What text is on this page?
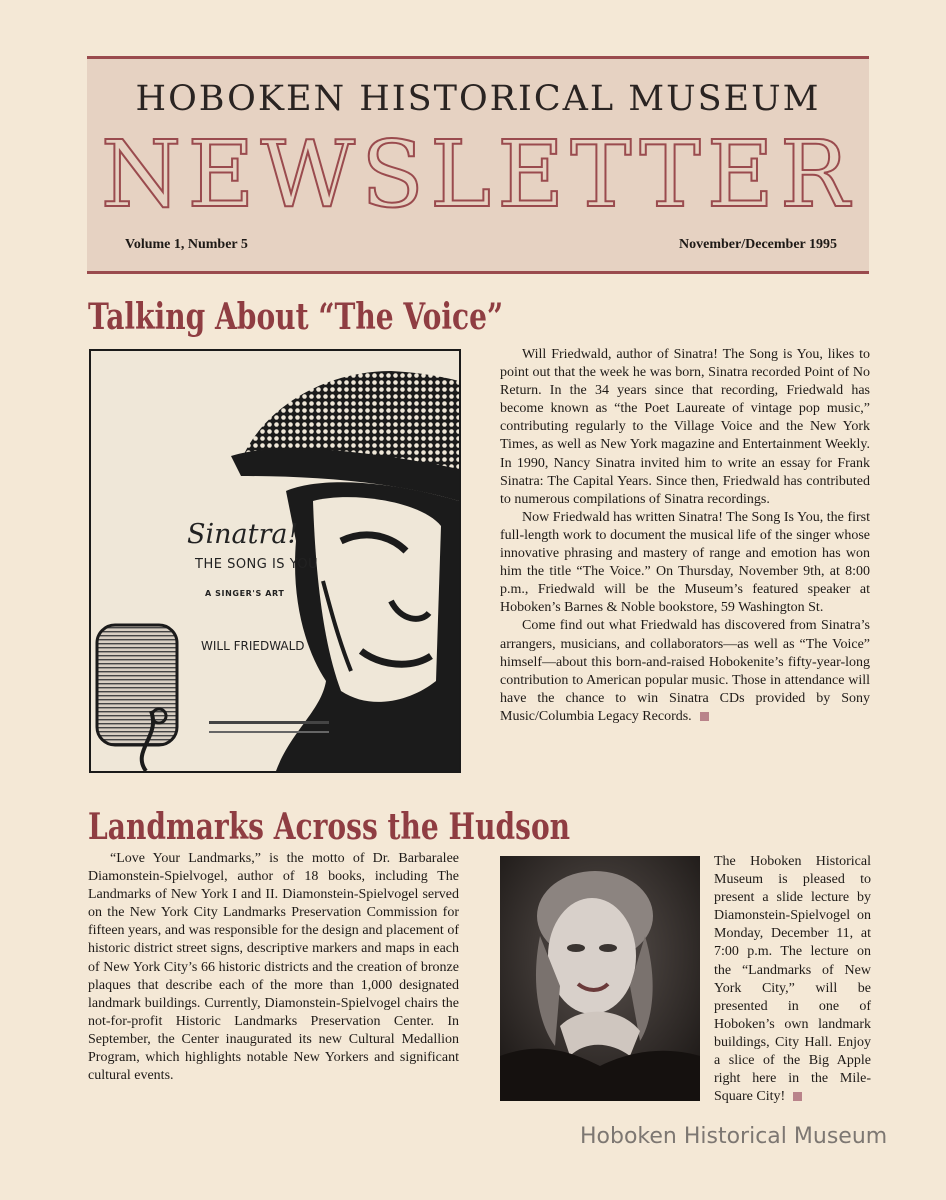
HOBOKEN HISTORICAL MUSEUM
NEWSLETTER
Volume 1, Number 5	November/December 1995
Talking About “The Voice”
Sinatra!
THE SONG IS YOU
A SINGER'S ART
WILL FRIEDWALD

Will Friedwald, author of Sinatra! The Song is You, likes to point out that the week he was born, Sinatra recorded Point of No Return. In the 34 years since that recording, Friedwald has become known as “the Poet Laureate of vintage pop music,” contributing regularly to the Village Voice and the New York Times, as well as New York magazine and Entertainment Weekly. In 1990, Nancy Sinatra invited him to write an essay for Frank Sinatra: The Capital Years. Since then, Friedwald has contributed to numerous compilations of Sinatra recordings.

Now Friedwald has written Sinatra! The Song Is You, the first full-length work to document the musical life of the singer whose innovative phrasing and mastery of range and emotion has won him the title “The Voice.” On Thursday, November 9th, at 8:00 p.m., Friedwald will be the Museum’s featured speaker at Hoboken’s Barnes & Noble bookstore, 59 Washington St.

Come find out what Friedwald has discovered from Sinatra’s arrangers, musicians, and collaborators—as well as “The Voice” himself—about this born-and-raised Hobokenite’s fifty-year-long contribution to American popular music. Those in attendance will have the chance to win Sinatra CDs provided by Sony Music/Columbia Legacy Records.

Landmarks Across the Hudson

“Love Your Landmarks,” is the motto of Dr. Barbaralee Diamonstein-Spielvogel, author of 18 books, including The Landmarks of New York I and II. Diamonstein-Spielvogel served on the New York City Landmarks Preservation Commission for fifteen years, and was responsible for the design and placement of historic district street signs, descriptive markers and maps in each of New York City’s 66 historic districts and the creation of bronze plaques that describe each of the more than 1,000 designated landmark buildings. Currently, Diamonstein-Spielvogel chairs the not-for-profit Historic Landmarks Preservation Center. In September, the Center inaugurated its new Cultural Medallion Program, which highlights notable New Yorkers and significant cultural events.

The Hoboken Historical Museum is pleased to present a slide lecture by Diamonstein-Spielvogel on Monday, December 11, at 7:00 p.m. The lecture on the “Landmarks of New York City,” will be presented in one of Hoboken’s own landmark buildings, City Hall. Enjoy a slice of the Big Apple right here in the Mile-Square City!

Hoboken Historical Museum
